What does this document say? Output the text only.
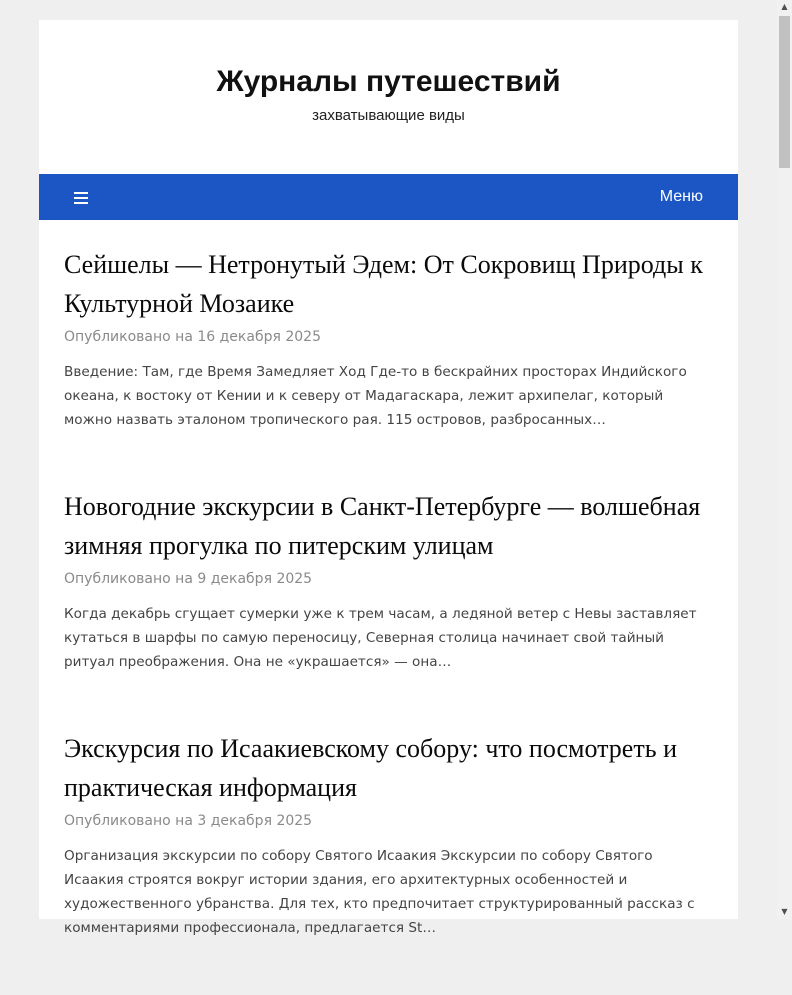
Журналы путешествий

захватывающие виды

Меню
Сейшелы — Нетронутый Эдем: От Сокровищ Природы к Культурной Мозаике
Опубликовано на 16 декабря 2025
Введение: Там, где Время Замедляет Ход Где-то в бескрайних просторах Индийского океана, к востоку от Кении и к северу от Мадагаскара, лежит архипелаг, который можно назвать эталоном тропического рая. 115 островов, разбросанных…
Новогодние экскурсии в Санкт-Петербурге — волшебная зимняя прогулка по питерским улицам
Опубликовано на 9 декабря 2025
Когда декабрь сгущает сумерки уже к трем часам, а ледяной ветер с Невы заставляет кутаться в шарфы по самую переносицу, Северная столица начинает свой тайный ритуал преображения. Она не «украшается» — она…
Экскурсия по Исаакиевскому собору: что посмотреть и практическая информация
Опубликовано на 3 декабря 2025
Организация экскурсии по собору Святого Исаакия Экскурсии по собору Святого Исаакия строятся вокруг истории здания, его архитектурных особенностей и художественного убранства. Для тех, кто предпочитает структурированный рассказ с комментариями профессионала, предлагается St…
▲
▼
